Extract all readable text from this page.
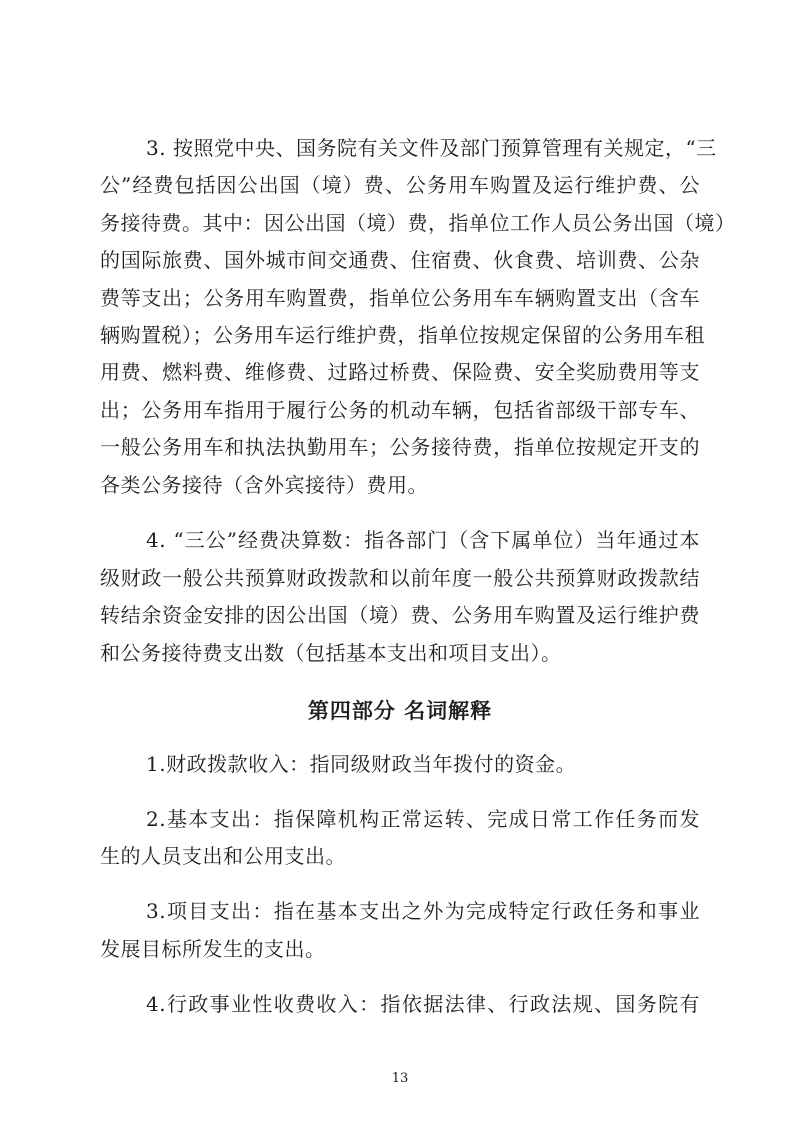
3. 按照党中央、国务院有关文件及部门预算管理有关规定，“三
公”经费包括因公出国（境）费、公务用车购置及运行维护费、公
务接待费。其中：因公出国（境）费，指单位工作人员公务出国（境）
的国际旅费、国外城市间交通费、住宿费、伙食费、培训费、公杂
费等支出；公务用车购置费，指单位公务用车车辆购置支出（含车
辆购置税）；公务用车运行维护费，指单位按规定保留的公务用车租
用费、燃料费、维修费、过路过桥费、保险费、安全奖励费用等支
出；公务用车指用于履行公务的机动车辆，包括省部级干部专车、
一般公务用车和执法执勤用车；公务接待费，指单位按规定开支的
各类公务接待（含外宾接待）费用。
4. “三公”经费决算数：指各部门（含下属单位）当年通过本
级财政一般公共预算财政拨款和以前年度一般公共预算财政拨款结
转结余资金安排的因公出国（境）费、公务用车购置及运行维护费
和公务接待费支出数（包括基本支出和项目支出）。
第四部分 名词解释
1.财政拨款收入：指同级财政当年拨付的资金。
2.基本支出：指保障机构正常运转、完成日常工作任务而发
生的人员支出和公用支出。
3.项目支出：指在基本支出之外为完成特定行政任务和事业
发展目标所发生的支出。
4.行政事业性收费收入：指依据法律、行政法规、国务院有
13
